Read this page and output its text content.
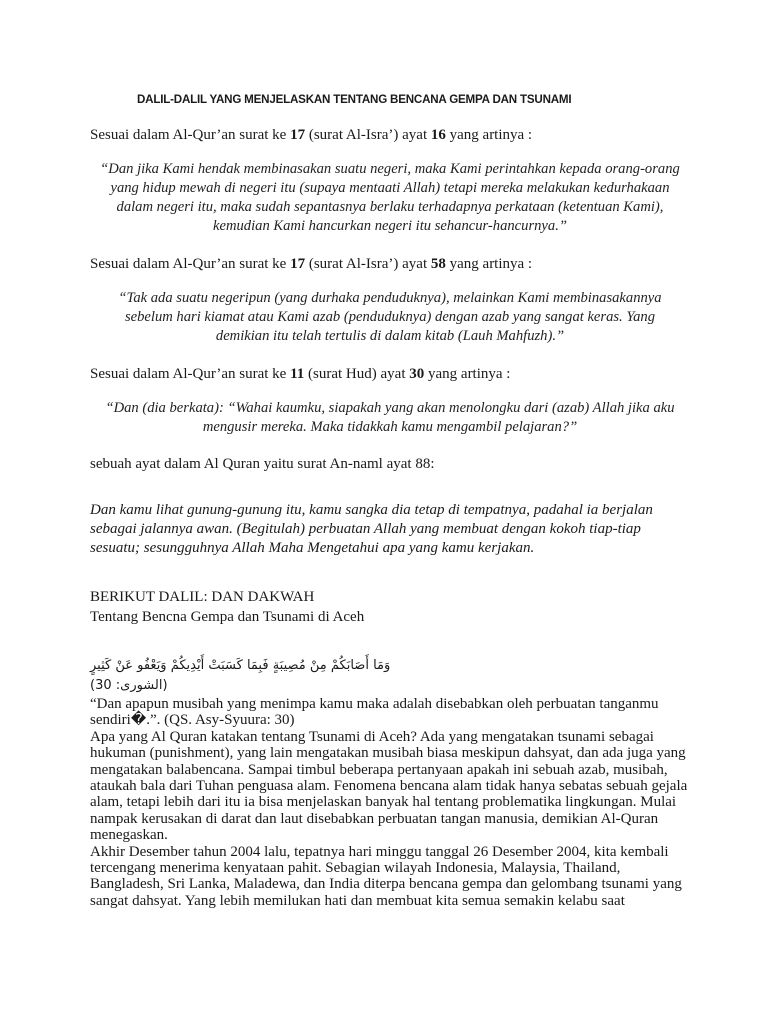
DALIL-DALIL YANG MENJELASKAN TENTANG BENCANA GEMPA DAN TSUNAMI
Sesuai dalam Al-Qur’an surat ke 17 (surat Al-Isra’) ayat 16 yang artinya :
“Dan jika Kami hendak membinasakan suatu negeri, maka Kami perintahkan kepada orang-orang yang hidup mewah di negeri itu (supaya mentaati Allah) tetapi mereka melakukan kedurhakaan dalam negeri itu, maka sudah sepantasnya berlaku terhadapnya perkataan (ketentuan Kami), kemudian Kami hancurkan negeri itu sehancur-hancurnya.”
Sesuai dalam Al-Qur’an surat ke 17 (surat Al-Isra’) ayat 58 yang artinya :
“Tak ada suatu negeripun (yang durhaka penduduknya), melainkan Kami membinasakannya sebelum hari kiamat atau Kami azab (penduduknya) dengan azab yang sangat keras. Yang demikian itu telah tertulis di dalam kitab (Lauh Mahfuzh).”
Sesuai dalam Al-Qur’an surat ke 11 (surat Hud) ayat 30 yang artinya :
“Dan (dia berkata): “Wahai kaumku, siapakah yang akan menolongku dari (azab) Allah jika aku mengusir mereka. Maka tidakkah kamu mengambil pelajaran?”
sebuah ayat dalam Al Quran yaitu surat An-naml ayat 88:
Dan kamu lihat gunung-gunung itu, kamu sangka dia tetap di tempatnya, padahal ia berjalan sebagai jalannya awan. (Begitulah) perbuatan Allah yang membuat dengan kokoh tiap-tiap sesuatu; sesungguhnya Allah Maha Mengetahui apa yang kamu kerjakan.
BERIKUT DALIL: DAN DAKWAH
Tentang Bencna Gempa dan Tsunami di Aceh
وَمَا أَصَابَكُمْ مِنْ مُصِيبَةٍ فَبِمَا كَسَبَتْ أَيْدِيكُمْ وَيَعْفُو عَنْ كَثِيرٍ (الشورى: 30)
“Dan apapun musibah yang menimpa kamu maka adalah disebabkan oleh perbuatan tanganmu sendiri�.”. (QS. Asy-Syuura: 30)
Apa yang Al Quran katakan tentang Tsunami di Aceh? Ada yang mengatakan tsunami sebagai hukuman (punishment), yang lain mengatakan musibah biasa meskipun dahsyat, dan ada juga yang mengatakan balabencana. Sampai timbul beberapa pertanyaan apakah ini sebuah azab, musibah, ataukah bala dari Tuhan penguasa alam. Fenomena bencana alam tidak hanya sebatas sebuah gejala alam, tetapi lebih dari itu ia bisa menjelaskan banyak hal tentang problematika lingkungan. Mulai nampak kerusakan di darat dan laut disebabkan perbuatan tangan manusia, demikian Al-Quran menegaskan.
Akhir Desember tahun 2004 lalu, tepatnya hari minggu tanggal 26 Desember 2004, kita kembali tercengang menerima kenyataan pahit. Sebagian wilayah Indonesia, Malaysia, Thailand, Bangladesh, Sri Lanka, Maladewa, dan India diterpa bencana gempa dan gelombang tsunami yang sangat dahsyat. Yang lebih memilukan hati dan membuat kita semua semakin kelabu saat
